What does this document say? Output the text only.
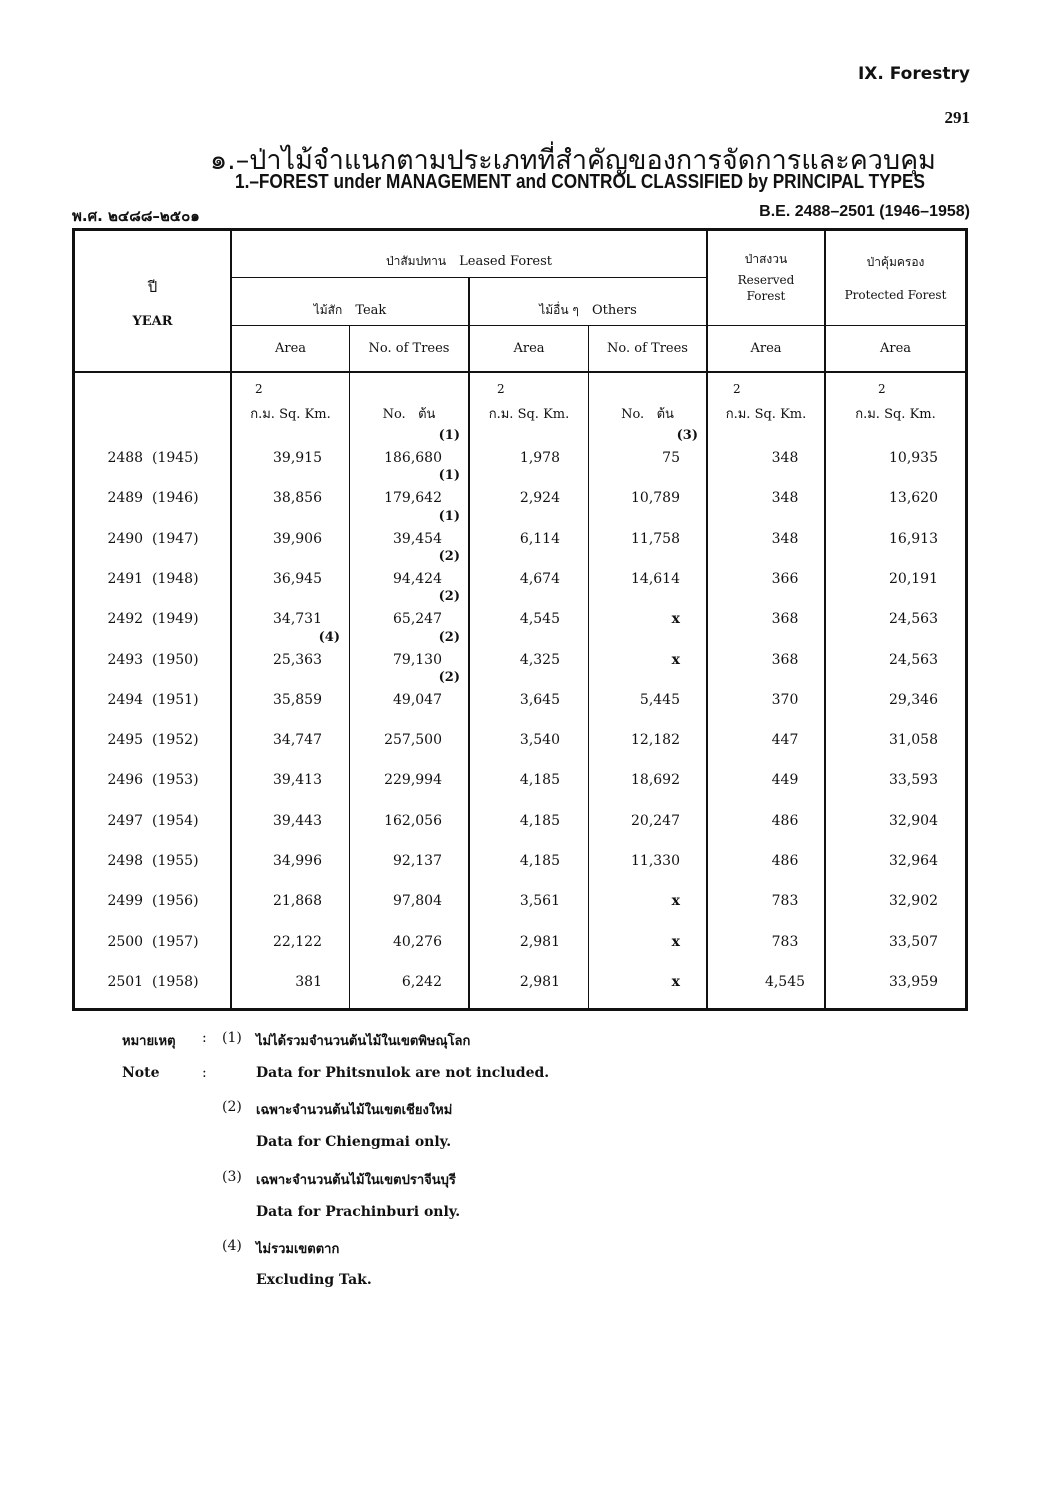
IX. Forestry
291
๑.–ป่าไม้จำแนกตามประเภทที่สำคัญของการจัดการและควบคุม
1.–FOREST under MANAGEMENT and CONTROL CLASSIFIED by PRINCIPAL TYPES
พ.ศ. ๒๔๘๘–๒๕๐๑	B.E. 2488–2501 (1946–1958)
ปี
YEAR
ป่าสัมปทาน Leased Forest
ไม้สัก Teak	ไม้อื่น ๆ Others
ป่าสงวน
Reserved
Forest
ป่าคุ้มครอง
Protected Forest
Area	No. of Trees	Area	No. of Trees	Area	Area
2
ก.ม. Sq. Km.	No.   ต้น
2
ก.ม. Sq. Km.	No.   ต้น
2
ก.ม. Sq. Km.
2
ก.ม. Sq. Km.
2488  (1945)	39,915	186,680	1,978	75	348	10,935
(1)	(3)
2489  (1946)	38,856	179,642	2,924	10,789	348	13,620
(1)
2490  (1947)	39,906	39,454	6,114	11,758	348	16,913
(1)
2491  (1948)	36,945	94,424	4,674	14,614	366	20,191
(2)
2492  (1949)	34,731	65,247	4,545	x	368	24,563
(2)
2493  (1950)	25,363	79,130	4,325	x	368	24,563
(2)
(4)
2494  (1951)	35,859	49,047	3,645	5,445	370	29,346
(2)
2495  (1952)	34,747	257,500	3,540	12,182	447	31,058
2496  (1953)	39,413	229,994	4,185	18,692	449	33,593
2497  (1954)	39,443	162,056	4,185	20,247	486	32,904
2498  (1955)	34,996	92,137	4,185	11,330	486	32,964
2499  (1956)	21,868	97,804	3,561	x	783	32,902
2500  (1957)	22,122	40,276	2,981	x	783	33,507
2501  (1958)	381	6,242	2,981	x	4,545	33,959
หมายเหตุ :
Note	:
(1) ไม่ได้รวมจำนวนต้นไม้ในเขตพิษณุโลก
Data for Phitsnulok are not included.
(2) เฉพาะจำนวนต้นไม้ในเขตเชียงใหม่
Data for Chiengmai only.
(3) เฉพาะจำนวนต้นไม้ในเขตปราจีนบุรี
Data for Prachinburi only.
(4) ไม่รวมเขตตาก
Excluding Tak.
